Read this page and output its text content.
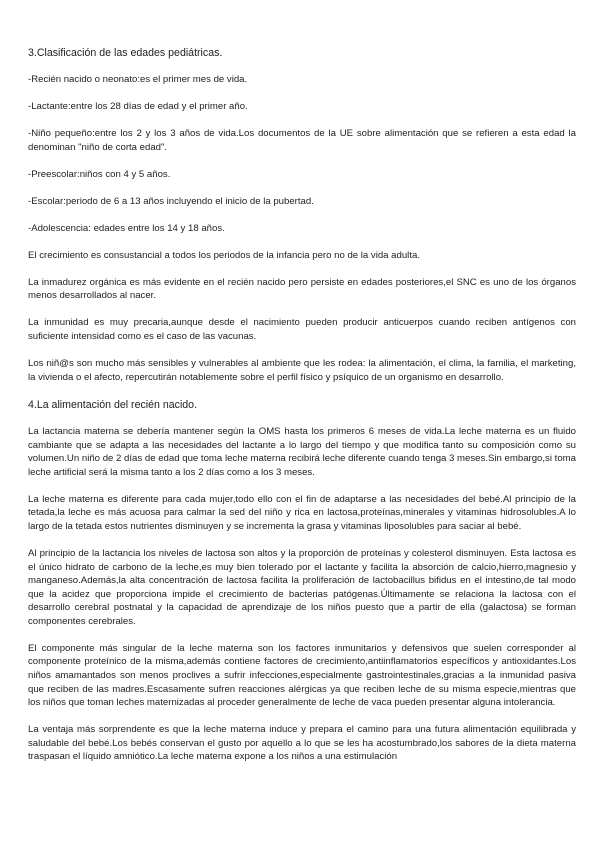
3.Clasificación de las edades pediátricas.

-Recién nacido o neonato:es el primer mes de vida.

-Lactante:entre los 28 días de edad y el primer año.

-Niño pequeño:entre los 2 y los 3 años de vida.Los documentos de la UE sobre alimentación que se refieren a esta edad la denominan "niño de corta edad".

-Preescolar:niños con 4 y 5 años.

-Escolar:periodo de 6 a 13 años incluyendo el inicio de la pubertad.

-Adolescencia: edades entre los 14 y 18 años.

El crecimiento es consustancial a todos los periodos de la infancia pero no de la vida adulta.

La inmadurez orgánica es más evidente en el recién nacido pero persiste en edades posteriores,el SNC es uno de los órganos menos desarrollados al nacer.

La inmunidad es muy precaria,aunque desde el nacimiento pueden producir anticuerpos cuando reciben antígenos con suficiente intensidad como es el caso de las vacunas.

Los niñ@s son mucho más sensibles y vulnerables al ambiente que les rodea: la alimentación, el clima, la familia, el marketing, la vivienda o el afecto, repercutirán notablemente sobre el perfil físico y psíquico de un organismo en desarrollo.

4.La alimentación del recién nacido.

La lactancia materna se debería mantener según la OMS hasta los primeros 6 meses de vida.La leche materna es un fluido cambiante que se adapta a las necesidades del lactante a lo largo del tiempo y que modifica tanto su composición como su volumen.Un niño de 2 días de edad que toma leche materna recibirá leche diferente cuando tenga 3 meses.Sin embargo,si toma leche artificial será la misma tanto a los 2 días como a los 3 meses.

La leche materna es diferente para cada mujer,todo ello con el fin de adaptarse a las necesidades del bebé.Al principio de la tetada,la leche es más acuosa para calmar la sed del niño y rica en lactosa,proteínas,minerales y vitaminas hidrosolubles.A lo largo de la tetada estos nutrientes disminuyen y se incrementa la grasa y vitaminas liposolubles para saciar al bebé.

Al principio de la lactancia los niveles de lactosa son altos y la proporción de proteínas y colesterol disminuyen. Esta lactosa es el único hidrato de carbono de la leche,es muy bien tolerado por el lactante y facilita la absorción de calcio,hierro,magnesio y manganeso.Además,la alta concentración de lactosa facilita la proliferación de lactobacillus bifidus en el intestino,de tal modo que la acidez que proporciona impide el crecimiento de bacterias patógenas.Últimamente se relaciona la lactosa con el desarrollo cerebral postnatal y la capacidad de aprendizaje de los niños puesto que a partir de ella (galactosa) se forman componentes cerebrales.

El componente más singular de la leche materna son los factores inmunitarios y defensivos que suelen corresponder al componente proteínico de la misma,además contiene factores de crecimiento,antiinflamatorios específicos y antioxidantes.Los niños amamantados son menos proclives a sufrir infecciones,especialmente gastrointestinales,gracias a la inmunidad pasiva que reciben de las madres.Escasamente sufren reacciones alérgicas ya que reciben leche de su misma especie,mientras que los niños que toman leches maternizadas al proceder generalmente de leche de vaca pueden presentar alguna intolerancia.

La ventaja más sorprendente es que la leche materna induce y prepara el camino para una futura alimentación equilibrada y saludable del bebé.Los bebés conservan el gusto por aquello a lo que se les ha acostumbrado,los sabores de la dieta materna traspasan el líquido amniótico.La leche materna expone a los niños a una estimulación
